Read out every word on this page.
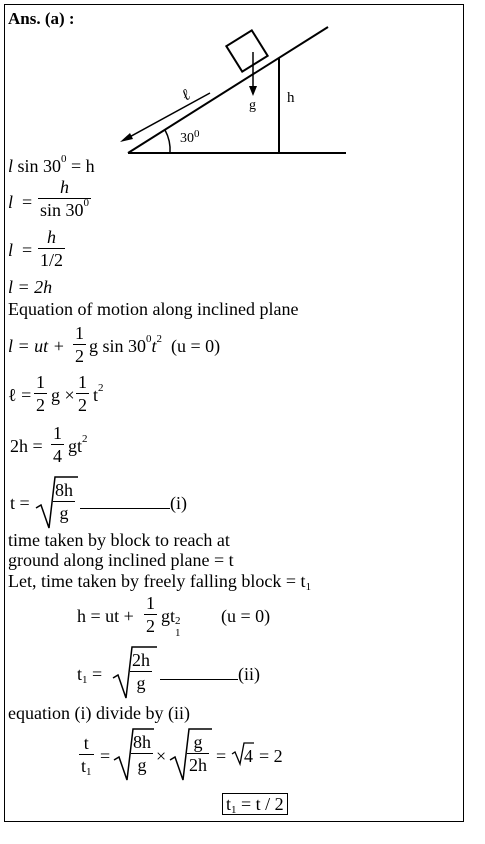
Ans. (a) :
ℓ
g h
$30^0$
l $\sin 30^0 = h$
l =
h
$\sin 30^0$
l =
h
1/2
l = 2h
Equation of motion along inclined plane
l = ut +
1
2 g $\sin 30^0t^2$ (u = 0)
ℓ =
1
2 g ×
1
2 $t^2$
2h =
1
4 $gt^2$
t =
8h
g	(i)
time taken by block to reach at
ground along inclined plane = t
Let, time taken by freely falling block = t1
h = ut +
1
2 gt 2
1
(u = 0)
t1 =
2h
g	(ii)
equation (i) divide by (ii)
t
t1
=
8h
g ×
g
2h = 4 = 2
t1 = t / 2
